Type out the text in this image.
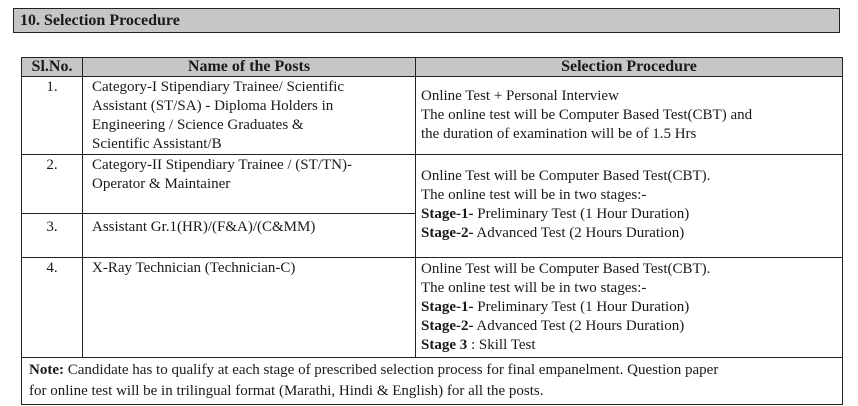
10. Selection Procedure
Sl.No.	Name of the Posts	Selection Procedure
1.	Category-I Stipendiary Trainee/ Scientific
Assistant (ST/SA) - Diploma Holders in
Engineering / Science Graduates &
Scientific Assistant/B	Online Test + Personal Interview
The online test will be Computer Based Test(CBT) and
the duration of examination will be of 1.5 Hrs

2.	Category-II Stipendiary Trainee / (ST/TN)-
Operator & Maintainer	Online Test will be Computer Based Test(CBT).
The online test will be in two stages:-
Stage-1- Preliminary Test (1 Hour Duration)
Stage-2- Advanced Test (2 Hours Duration)

3.	Assistant Gr.1(HR)/(F&A)/(C&MM)	

4.	X-Ray Technician (Technician-C)	Online Test will be Computer Based Test(CBT).
The online test will be in two stages:-
Stage-1- Preliminary Test (1 Hour Duration)
Stage-2- Advanced Test (2 Hours Duration)
Stage 3 : Skill Test

Note: Candidate has to qualify at each stage of prescribed selection process for final empanelment. Question paper
for online test will be in trilingual format (Marathi, Hindi & English) for all the posts.		
